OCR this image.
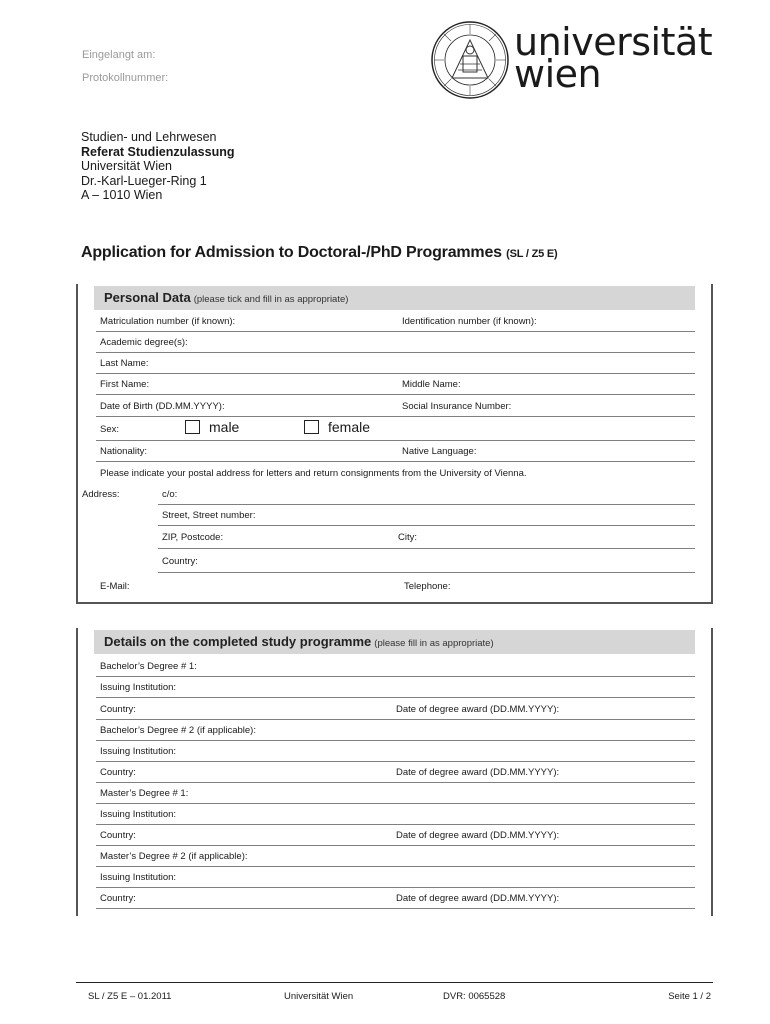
Eingelangt am:
Protokollnummer:
universität
wien
Studien- und Lehrwesen
Referat Studienzulassung
Universität Wien
Dr.-Karl-Lueger-Ring 1
A – 1010 Wien
Application for Admission to Doctoral-/PhD Programmes (SL / Z5 E)
Personal Data (please tick and fill in as appropriate)
Matriculation number (if known):	Identification number (if known):
Academic degree(s):
Last Name:
First Name:	Middle Name:
Date of Birth (DD.MM.YYYY):	Social Insurance Number:
Sex:	male	female
Nationality:	Native Language:
Please indicate your postal address for letters and return consignments from the University of Vienna.
Address:	c/o:
Street, Street number:
ZIP, Postcode:	City:
Country:
E-Mail:	Telephone:
Details on the completed study programme (please fill in as appropriate)
Bachelor’s Degree # 1:
Issuing Institution:
Country:	Date of degree award (DD.MM.YYYY):
Bachelor’s Degree # 2 (if applicable):
Issuing Institution:
Country:	Date of degree award (DD.MM.YYYY):
Master’s Degree # 1:
Issuing Institution:
Country:	Date of degree award (DD.MM.YYYY):
Master’s Degree # 2 (if applicable):
Issuing Institution:
Country:	Date of degree award (DD.MM.YYYY):
SL / Z5 E – 01.2011	Universität Wien	DVR: 0065528	Seite 1 / 2
